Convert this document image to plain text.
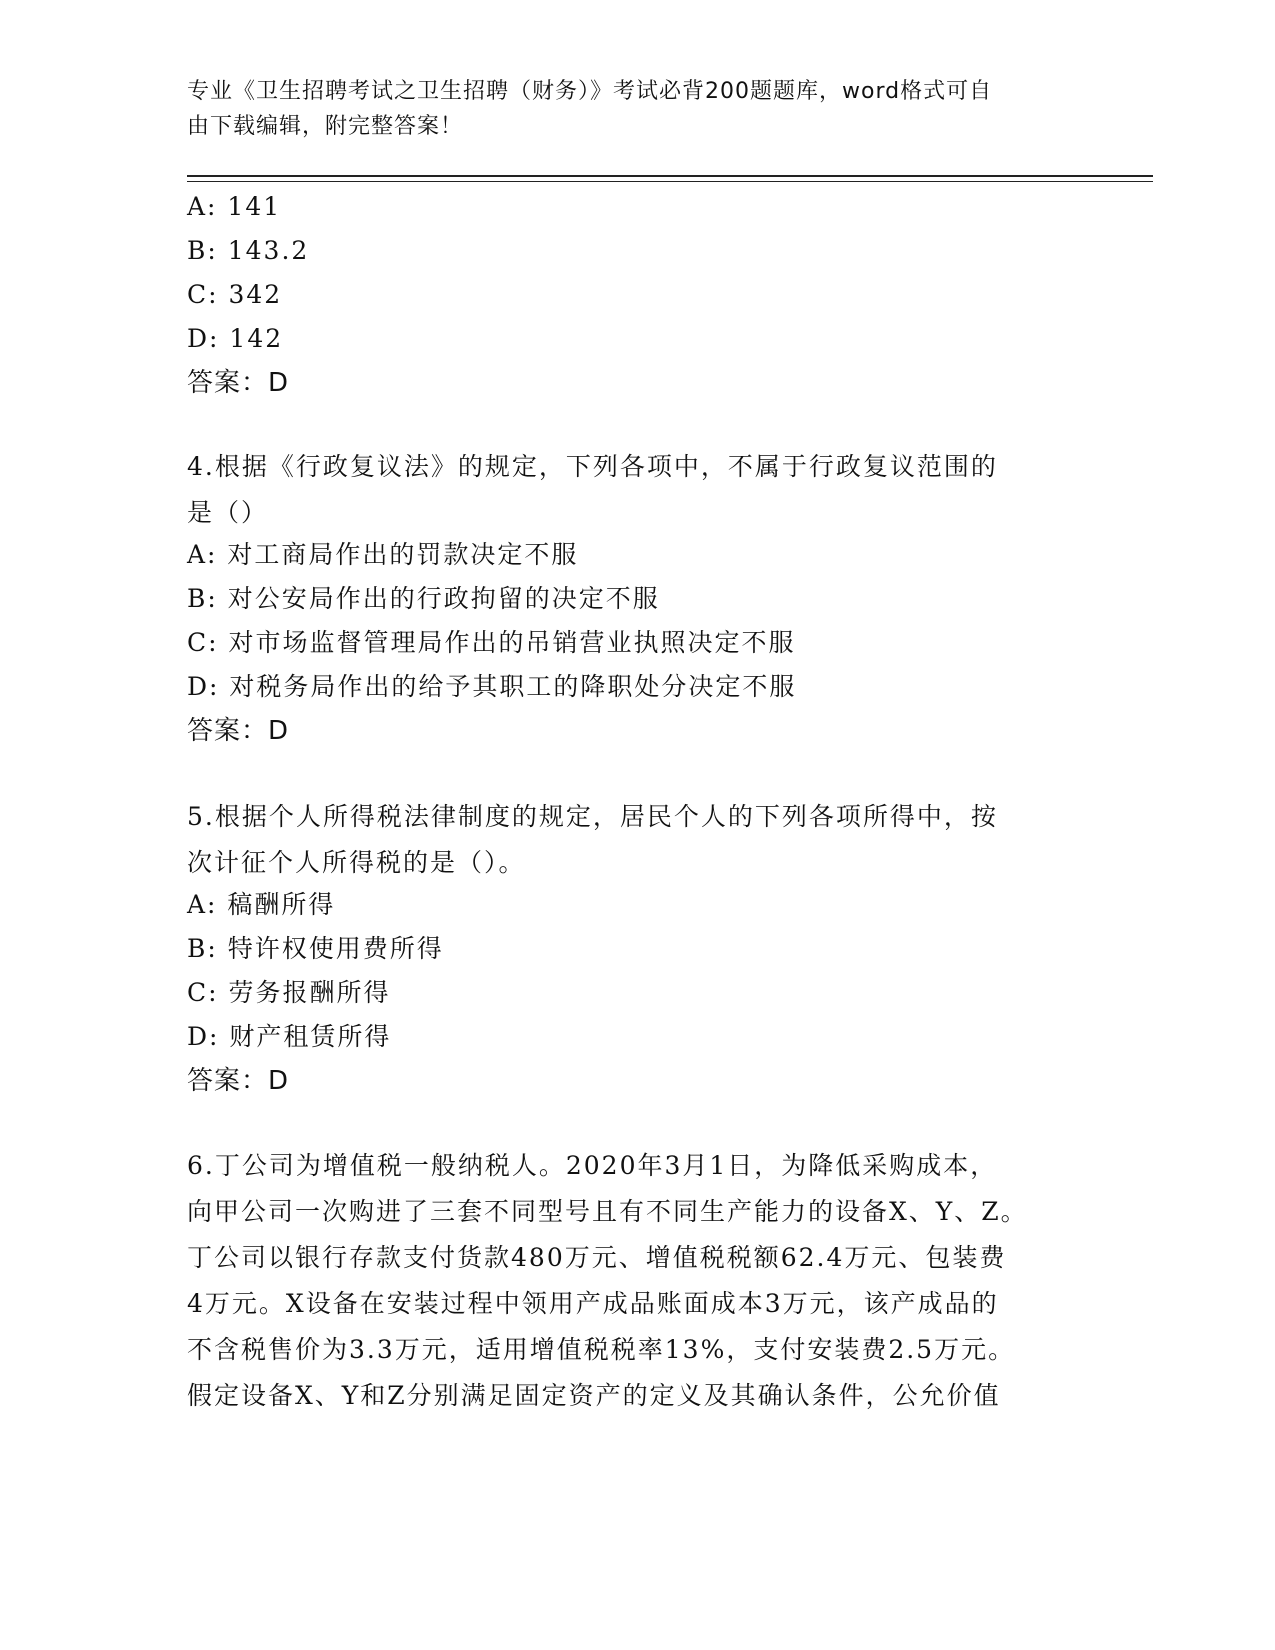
专业《卫生招聘考试之卫生招聘（财务）》考试必背200题题库，word格式可自
由下载编辑，附完整答案！
A: 141
B: 143.2
C: 342
D: 142
答案：D
4.根据《行政复议法》的规定，下列各项中，不属于行政复议范围的
是（）
A: 对工商局作出的罚款决定不服
B: 对公安局作出的行政拘留的决定不服
C: 对市场监督管理局作出的吊销营业执照决定不服
D: 对税务局作出的给予其职工的降职处分决定不服
答案：D
5.根据个人所得税法律制度的规定，居民个人的下列各项所得中，按
次计征个人所得税的是（）。
A: 稿酬所得
B: 特许权使用费所得
C: 劳务报酬所得
D: 财产租赁所得
答案：D
6.丁公司为增值税一般纳税人。2020年3月1日，为降低采购成本，
向甲公司一次购进了三套不同型号且有不同生产能力的设备X、Y、Z。
丁公司以银行存款支付货款480万元、增值税税额62.4万元、包装费
4万元。X设备在安装过程中领用产成品账面成本3万元，该产成品的
不含税售价为3.3万元，适用增值税税率13%，支付安装费2.5万元。
假定设备X、Y和Z分别满足固定资产的定义及其确认条件，公允价值
